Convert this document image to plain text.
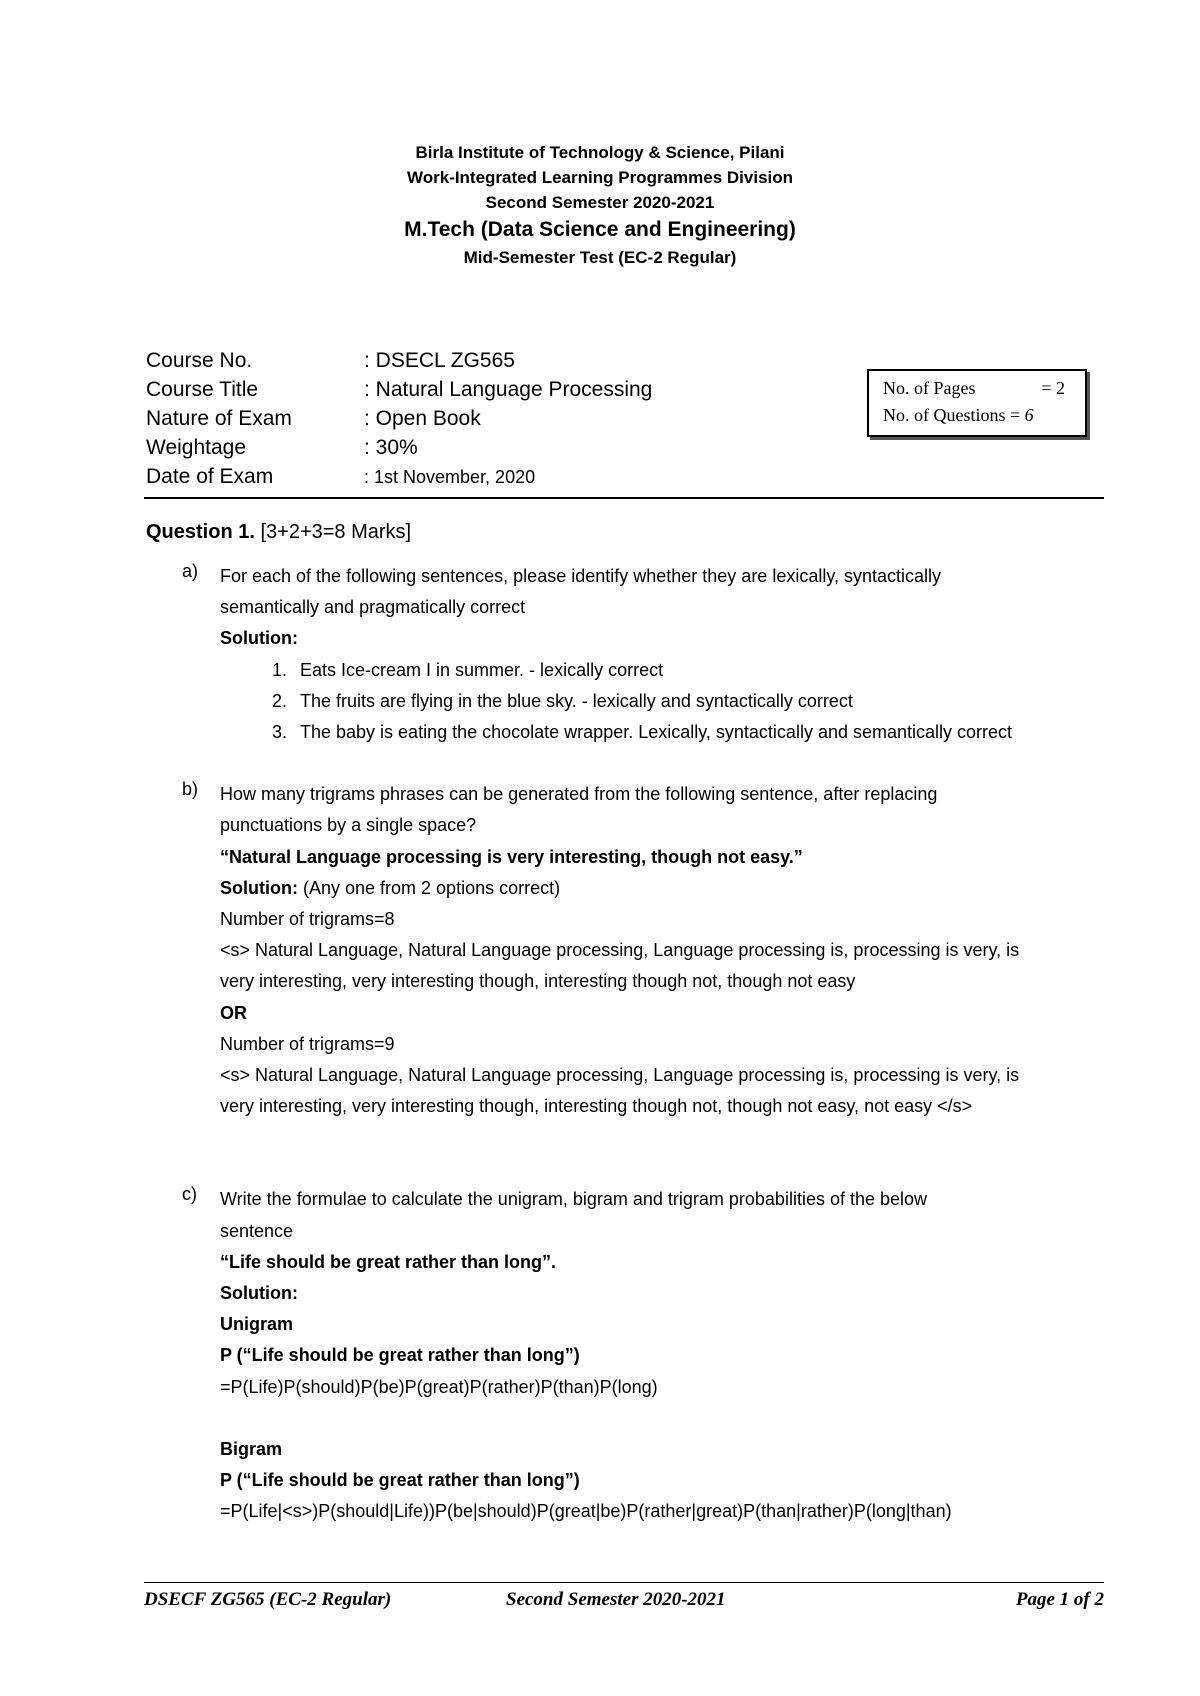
Birla Institute of Technology & Science, Pilani
Work-Integrated Learning Programmes Division
Second Semester 2020-2021
M.Tech (Data Science and Engineering)
Mid-Semester Test (EC-2 Regular)
Course No.	: DSECL ZG565
Course Title	: Natural Language Processing
Nature of Exam	: Open Book
Weightage	: 30%
Date of Exam	: 1st November, 2020
No. of Pages	= 2
No. of Questions = 6
Question 1. [3+2+3=8 Marks]
a) For each of the following sentences, please identify whether they are lexically, syntactically
semantically and pragmatically correct
Solution:
1. Eats Ice-cream I in summer. - lexically correct
2. The fruits are flying in the blue sky. - lexically and syntactically correct
3. The baby is eating the chocolate wrapper. Lexically, syntactically and semantically correct
b) How many trigrams phrases can be generated from the following sentence, after replacing
punctuations by a single space?
“Natural Language processing is very interesting, though not easy.”
Solution: (Any one from 2 options correct)
Number of trigrams=8
<s> Natural Language, Natural Language processing, Language processing is, processing is very, is
very interesting, very interesting though, interesting though not, though not easy
OR
Number of trigrams=9
<s> Natural Language, Natural Language processing, Language processing is, processing is very, is
very interesting, very interesting though, interesting though not, though not easy, not easy </s>
c) Write the formulae to calculate the unigram, bigram and trigram probabilities of the below
sentence
“Life should be great rather than long”.
Solution:
Unigram
P (“Life should be great rather than long”)
=P(Life)P(should)P(be)P(great)P(rather)P(than)P(long)

Bigram
P (“Life should be great rather than long”)
=P(Life|<s>)P(should|Life))P(be|should)P(great|be)P(rather|great)P(than|rather)P(long|than)
DSECF ZG565 (EC-2 Regular)	Second Semester 2020-2021	Page 1 of 2
